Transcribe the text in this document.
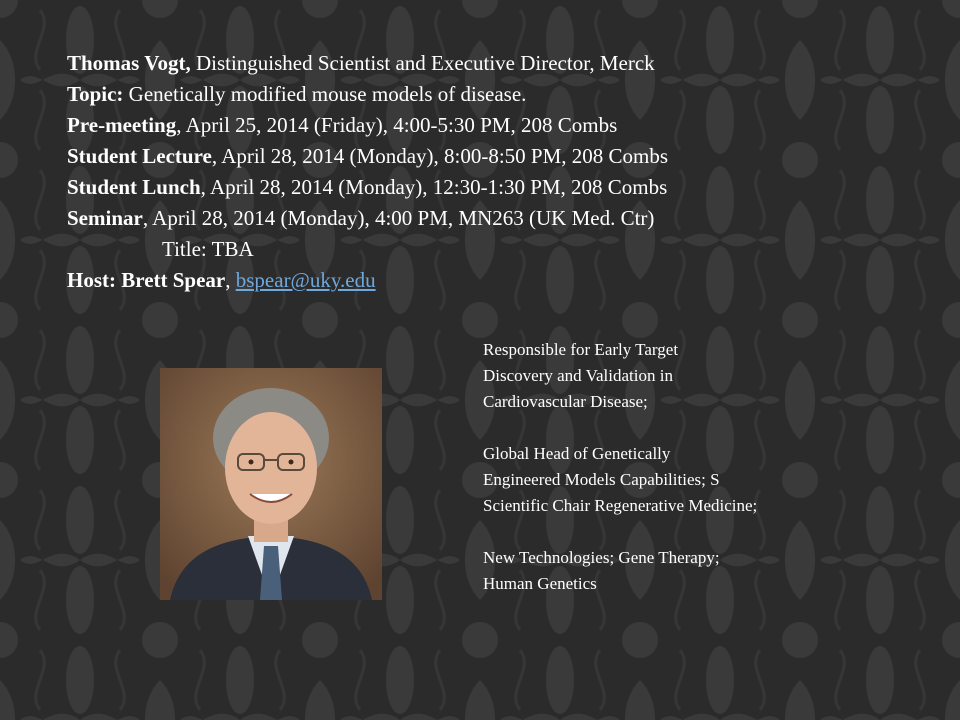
Thomas Vogt, Distinguished Scientist and Executive Director, Merck
Topic: Genetically modified mouse models of disease.
Pre-meeting, April 25, 2014 (Friday), 4:00-5:30 PM, 208 Combs
Student Lecture, April 28, 2014 (Monday), 8:00-8:50 PM, 208 Combs
Student Lunch, April 28, 2014 (Monday), 12:30-1:30 PM, 208 Combs
Seminar, April 28, 2014 (Monday), 4:00 PM, MN263 (UK Med. Ctr)
Title: TBA
Host: Brett Spear, bspear@uky.edu
Responsible for Early Target
Discovery and Validation in
Cardiovascular Disease;
Global Head of Genetically
Engineered Models Capabilities; S
Scientific Chair Regenerative Medicine;
New Technologies; Gene Therapy;
Human Genetics
